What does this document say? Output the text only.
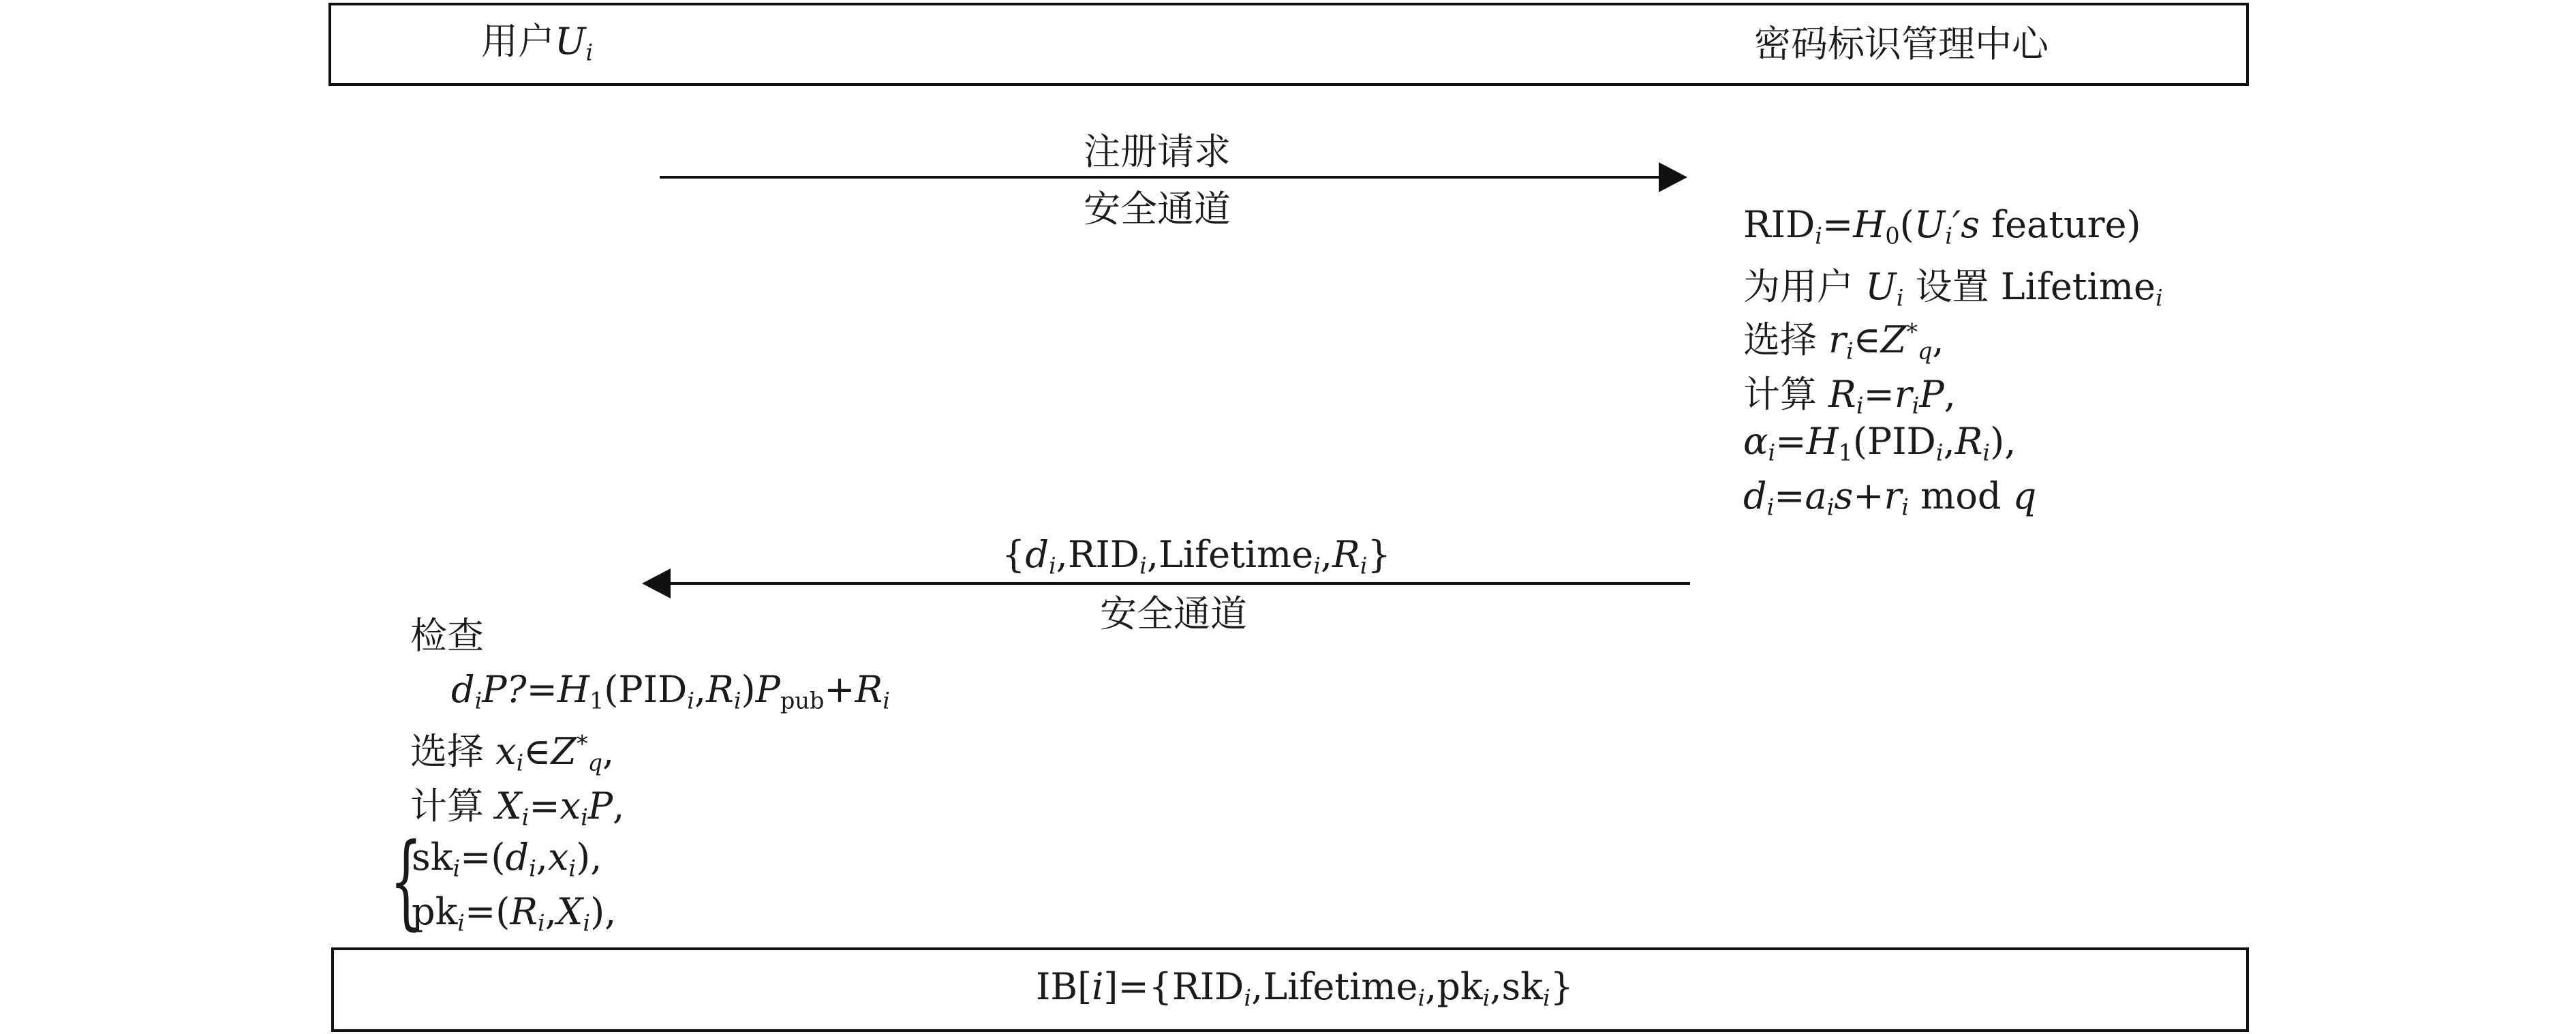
用户$U_i$	密码标识管理中心
注册请求
安全通道	$RID_i=H_0(U_i's$ feature)
为用户 $U_i$ 设置 Lifetime$_i$
选择 $r_i\in Z^*_q$,
计算 $R_i=r_iP$,
$\alpha_i=H_1(PID_i,R_i)$,
$d_i=a_is+r_i$ mod q
$\{d_i,RID_i,Lifetime_i,R_i\}$
安全通道
检查
$d_iP?=H_1(PID_i,R_i)P_{pub}+R_i$
选择 $x_i\in Z^*_q$,
计算 $X_i=x_iP$,
{
$sk_i=(d_i,x_i)$,
$pk_i=(R_i,X_i)$,
$IB[i]=\{RID_i,Lifetime_i,pk_i,sk_i\}$
